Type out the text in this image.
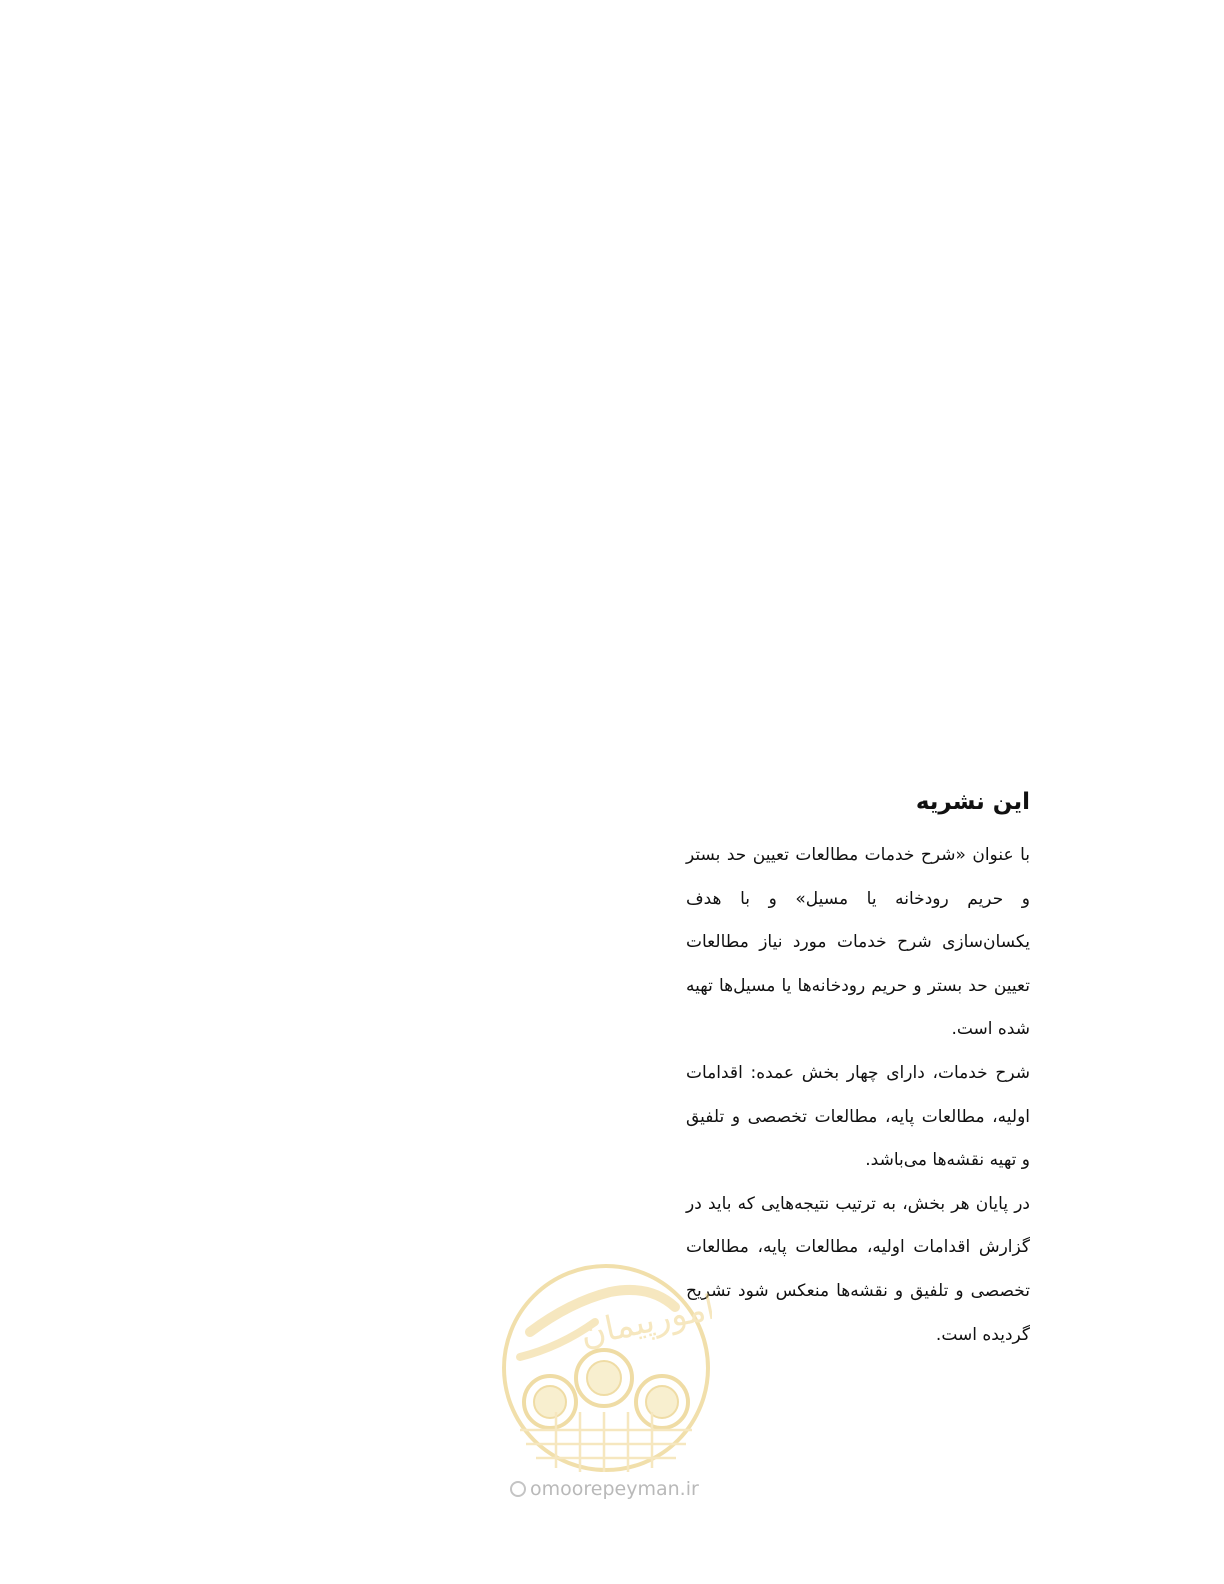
این نشریه

با عنوان «شرح خدمات مطالعات تعیین حد بستر و حریم رودخانه یا مسیل» و با هدف یکسان‌سازی شرح خدمات مورد نیاز مطالعات تعیین حد بستر و حریم رودخانه‌ها یا مسیل‌ها تهیه شده است.

شرح خدمات، دارای چهار بخش عمده: اقدامات اولیه، مطالعات پایه، مطالعات تخصصی و تلفیق و تهیه نقشه‌ها می‌باشد.

در پایان هر بخش، به ترتیب نتیجه‌هایی که باید در گزارش اقدامات اولیه، مطالعات پایه، مطالعات تخصصی و تلفیق و نقشه‌ها منعکس شود تشریح گردیده است.

امورپیمان
omoorepeyman.ir
